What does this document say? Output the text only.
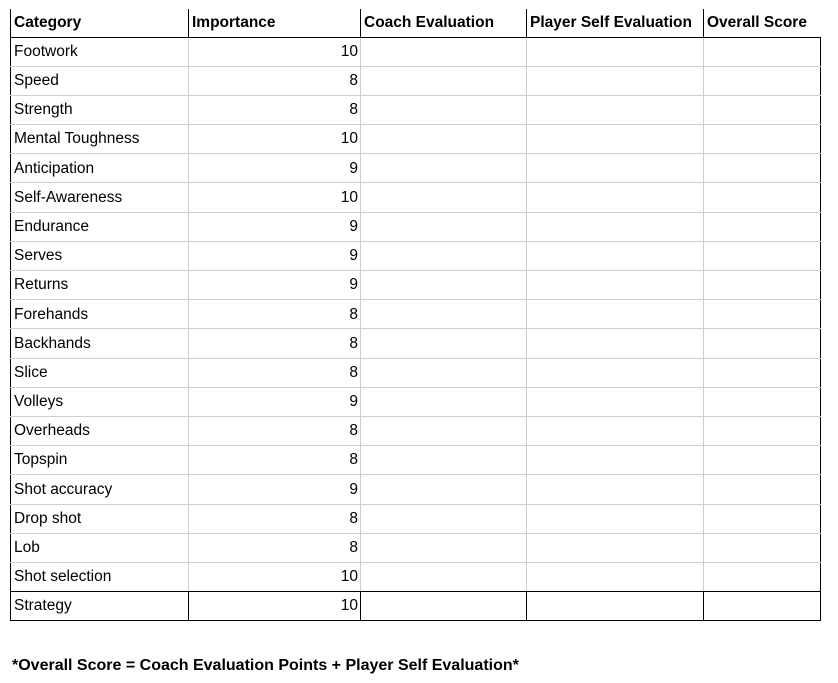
Category	Importance	Coach Evaluation	Player Self Evaluation	Overall Score
Footwork	10			
Speed	8			
Strength	8			
Mental Toughness	10			
Anticipation	9			
Self-Awareness	10			
Endurance	9			
Serves	9			
Returns	9			
Forehands	8			
Backhands	8			
Slice	8			
Volleys	9			
Overheads	8			
Topspin	8			
Shot accuracy	9			
Drop shot	8			
Lob	8			
Shot selection	10			
Strategy	10			
*Overall Score = Coach Evaluation Points + Player Self Evaluation*
